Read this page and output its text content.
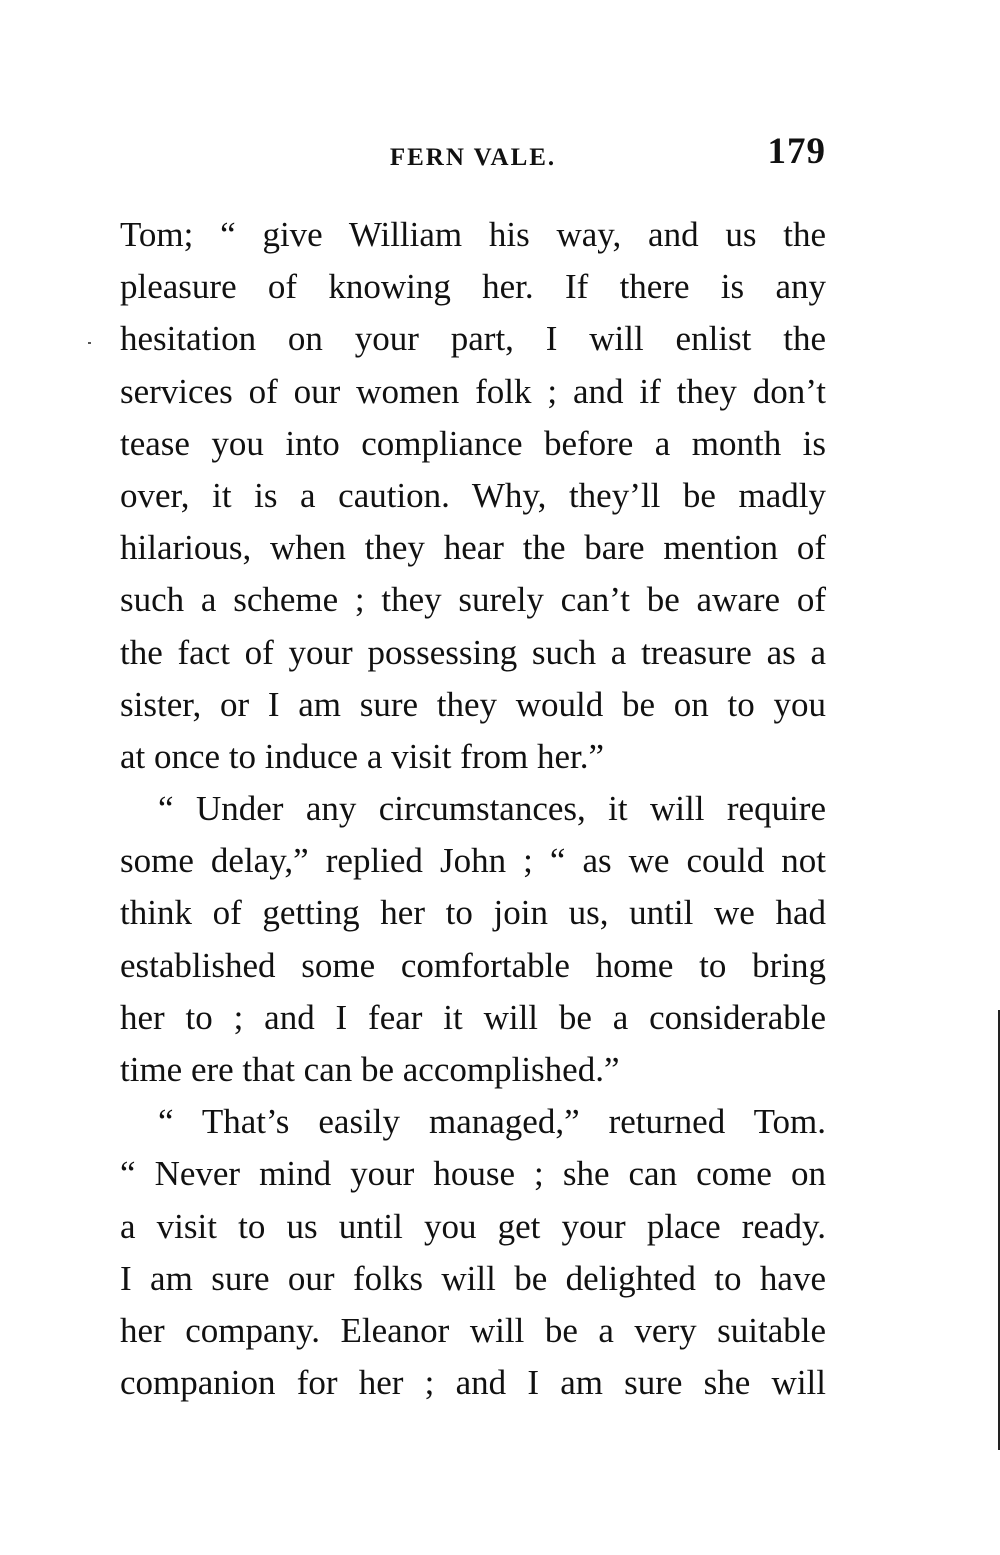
FERN VALE.	179
Tom; “ give William his way, and us the
pleasure of knowing her. If there is any
hesitation on your part, I will enlist the
services of our women folk ; and if they don’t
tease you into compliance before a month is
over, it is a caution. Why, they’ll be madly
hilarious, when they hear the bare mention of
such a scheme ; they surely can’t be aware of
the fact of your possessing such a treasure as a
sister, or I am sure they would be on to you
at once to induce a visit from her.”
“ Under any circumstances, it will require
some delay,” replied John ; “ as we could not
think of getting her to join us, until we had
established some comfortable home to bring
her to ; and I fear it will be a considerable
time ere that can be accomplished.”
“ That’s easily managed,” returned Tom.
“ Never mind your house ; she can come on
a visit to us until you get your place ready.
I am sure our folks will be delighted to have
her company. Eleanor will be a very suitable
companion for her ; and I am sure she will
